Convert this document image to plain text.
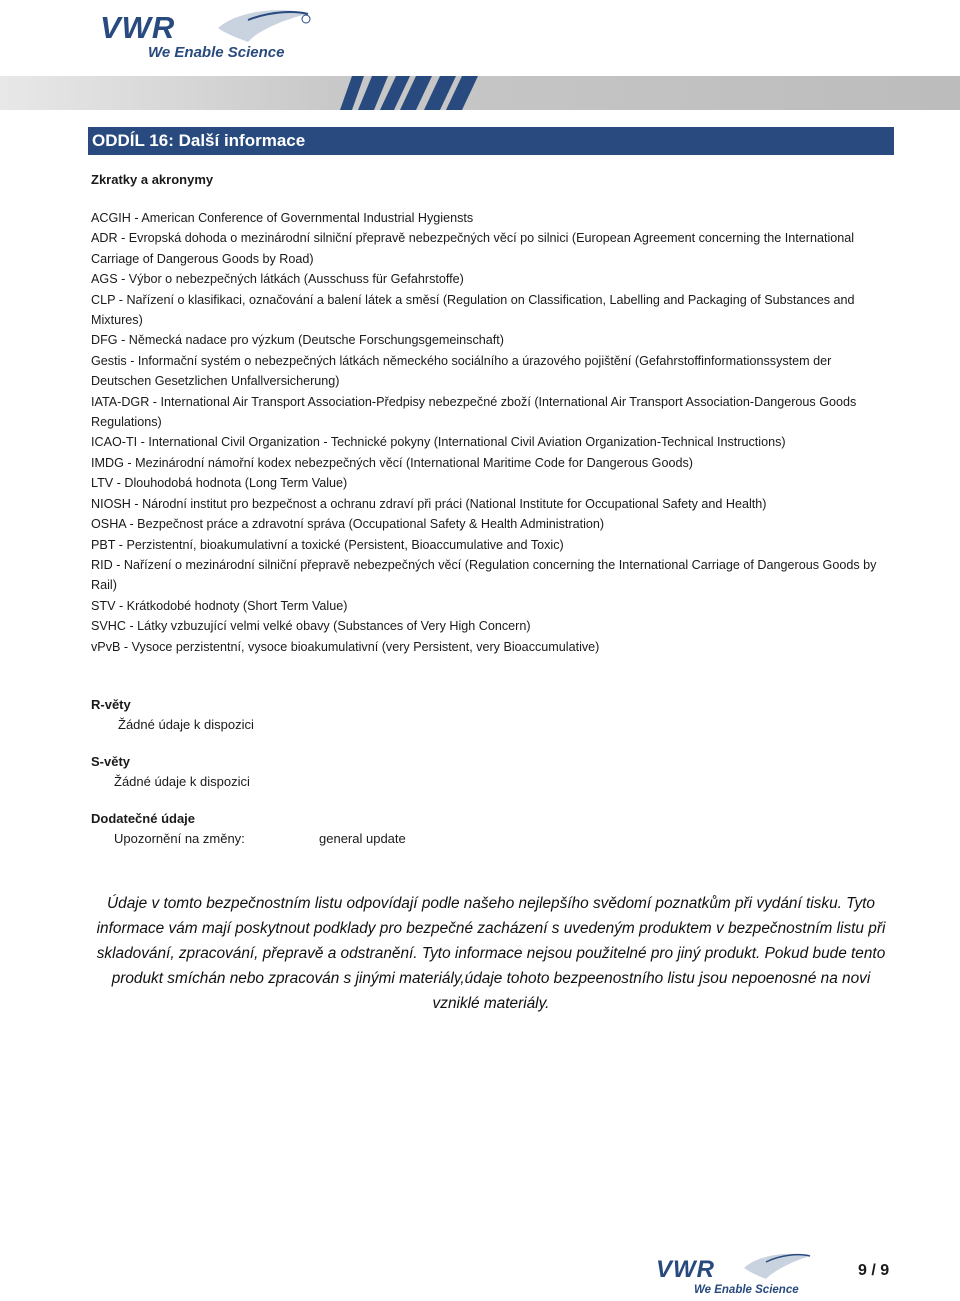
VWR
We Enable Science
ODDÍL 16: Další informace
Zkratky a akronymy
ACGIH - American Conference of Governmental Industrial Hygiensts
ADR - Evropská dohoda o mezinárodní silniční přepravě nebezpečných věcí po silnici (European Agreement concerning the International Carriage of Dangerous Goods by Road)
AGS - Výbor o nebezpečných látkách (Ausschuss für Gefahrstoffe)
CLP - Nařízení o klasifikaci, označování a balení látek a směsí (Regulation on Classification, Labelling and Packaging of Substances and Mixtures)
DFG - Německá nadace pro výzkum (Deutsche Forschungsgemeinschaft)
Gestis - Informační systém o nebezpečných látkách německého sociálního a úrazového pojištění (Gefahrstoffinformationssystem der Deutschen Gesetzlichen Unfallversicherung)
IATA-DGR - International Air Transport Association-Předpisy nebezpečné zboží (International Air Transport Association-Dangerous Goods Regulations)
ICAO-TI - International Civil Organization - Technické pokyny (International Civil Aviation Organization-Technical Instructions)
IMDG - Mezinárodní námořní kodex nebezpečných věcí (International Maritime Code for Dangerous Goods)
LTV - Dlouhodobá hodnota (Long Term Value)
NIOSH - Národní institut pro bezpečnost a ochranu zdraví při práci (National Institute for Occupational Safety and Health)
OSHA - Bezpečnost práce a zdravotní správa (Occupational Safety & Health Administration)
PBT - Perzistentní, bioakumulativní a toxické (Persistent, Bioaccumulative and Toxic)
RID - Nařízení o mezinárodní silniční přepravě nebezpečných věcí (Regulation concerning the International Carriage of Dangerous Goods by Rail)
STV - Krátkodobé hodnoty (Short Term Value)
SVHC - Látky vzbuzující velmi velké obavy (Substances of Very High Concern)
vPvB - Vysoce perzistentní, vysoce bioakumulativní (very Persistent, very Bioaccumulative)
R-věty
Žádné údaje k dispozici
S-věty
Žádné údaje k dispozici
Dodatečné údaje
Upozornění na změny:	general update
Údaje v tomto bezpečnostním listu odpovídají podle našeho nejlepšího svědomí poznatkům při vydání tisku. Tyto informace vám mají poskytnout podklady pro bezpečné zacházení s uvedeným produktem v bezpečnostním listu při skladování, zpracování, přepravě a odstranění. Tyto informace nejsou použitelné pro jiný produkt. Pokud bude tento produkt smíchán nebo zpracován s jinými materiály,údaje tohoto bezpeenostního listu jsou nepoenosné na novi vzniklé materiály.
VWR
We Enable Science
9 / 9
